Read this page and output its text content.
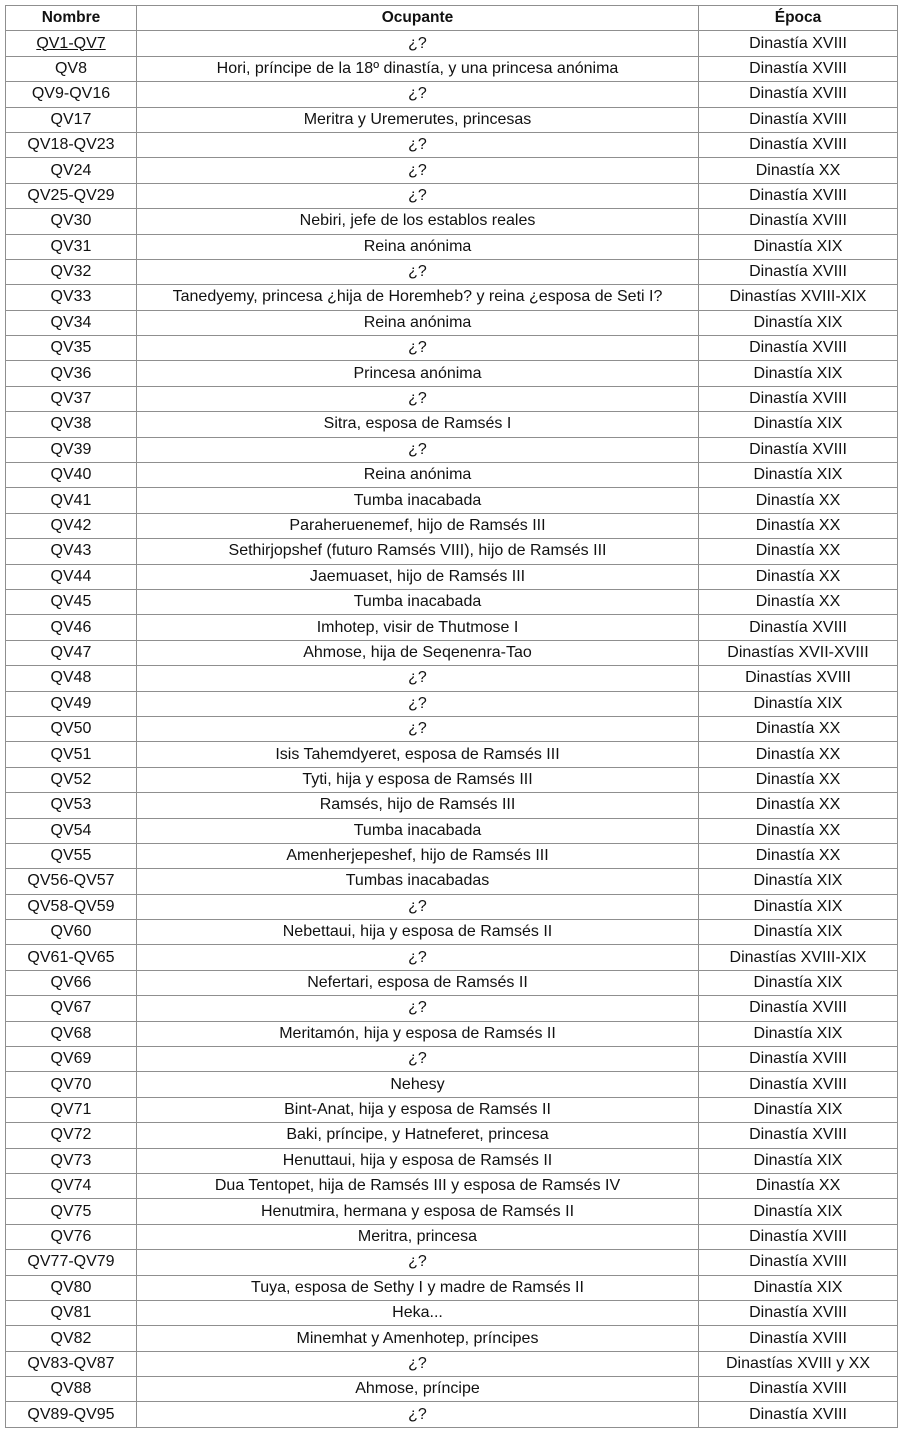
Nombre	Ocupante	Época
QV1-QV7	¿?	Dinastía XVIII
QV8	Hori, príncipe de la 18º dinastía, y una princesa anónima	Dinastía XVIII
QV9-QV16	¿?	Dinastía XVIII
QV17	Meritra y Uremerutes, princesas	Dinastía XVIII
QV18-QV23	¿?	Dinastía XVIII
QV24	¿?	Dinastía XX
QV25-QV29	¿?	Dinastía XVIII
QV30	Nebiri, jefe de los establos reales	Dinastía XVIII
QV31	Reina anónima	Dinastía XIX
QV32	¿?	Dinastía XVIII
QV33	Tanedyemy, princesa ¿hija de Horemheb? y reina ¿esposa de Seti I?	Dinastías XVIII-XIX
QV34	Reina anónima	Dinastía XIX
QV35	¿?	Dinastía XVIII
QV36	Princesa anónima	Dinastía XIX
QV37	¿?	Dinastía XVIII
QV38	Sitra, esposa de Ramsés I	Dinastía XIX
QV39	¿?	Dinastía XVIII
QV40	Reina anónima	Dinastía XIX
QV41	Tumba inacabada	Dinastía XX
QV42	Paraheruenemef, hijo de Ramsés III	Dinastía XX
QV43	Sethirjopshef (futuro Ramsés VIII), hijo de Ramsés III	Dinastía XX
QV44	Jaemuaset, hijo de Ramsés III	Dinastía XX
QV45	Tumba inacabada	Dinastía XX
QV46	Imhotep, visir de Thutmose I	Dinastía XVIII
QV47	Ahmose, hija de Seqenenra-Tao	Dinastías XVII-XVIII
QV48	¿?	Dinastías XVIII
QV49	¿?	Dinastía XIX
QV50	¿?	Dinastía XX
QV51	Isis Tahemdyeret, esposa de Ramsés III	Dinastía XX
QV52	Tyti, hija y esposa de Ramsés III	Dinastía XX
QV53	Ramsés, hijo de Ramsés III	Dinastía XX
QV54	Tumba inacabada	Dinastía XX
QV55	Amenherjepeshef, hijo de Ramsés III	Dinastía XX
QV56-QV57	Tumbas inacabadas	Dinastía XIX
QV58-QV59	¿?	Dinastía XIX
QV60	Nebettaui, hija y esposa de Ramsés II	Dinastía XIX
QV61-QV65	¿?	Dinastías XVIII-XIX
QV66	Nefertari, esposa de Ramsés II	Dinastía XIX
QV67	¿?	Dinastía XVIII
QV68	Meritamón, hija y esposa de Ramsés II	Dinastía XIX
QV69	¿?	Dinastía XVIII
QV70	Nehesy	Dinastía XVIII
QV71	Bint-Anat, hija y esposa de Ramsés II	Dinastía XIX
QV72	Baki, príncipe, y Hatneferet, princesa	Dinastía XVIII
QV73	Henuttaui, hija y esposa de Ramsés II	Dinastía XIX
QV74	Dua Tentopet, hija de Ramsés III y esposa de Ramsés IV	Dinastía XX
QV75	Henutmira, hermana y esposa de Ramsés II	Dinastía XIX
QV76	Meritra, princesa	Dinastía XVIII
QV77-QV79	¿?	Dinastía XVIII
QV80	Tuya, esposa de Sethy I y madre de Ramsés II	Dinastía XIX
QV81	Heka...	Dinastía XVIII
QV82	Minemhat y Amenhotep, príncipes	Dinastía XVIII
QV83-QV87	¿?	Dinastías XVIII y XX
QV88	Ahmose, príncipe	Dinastía XVIII
QV89-QV95	¿?	Dinastía XVIII
